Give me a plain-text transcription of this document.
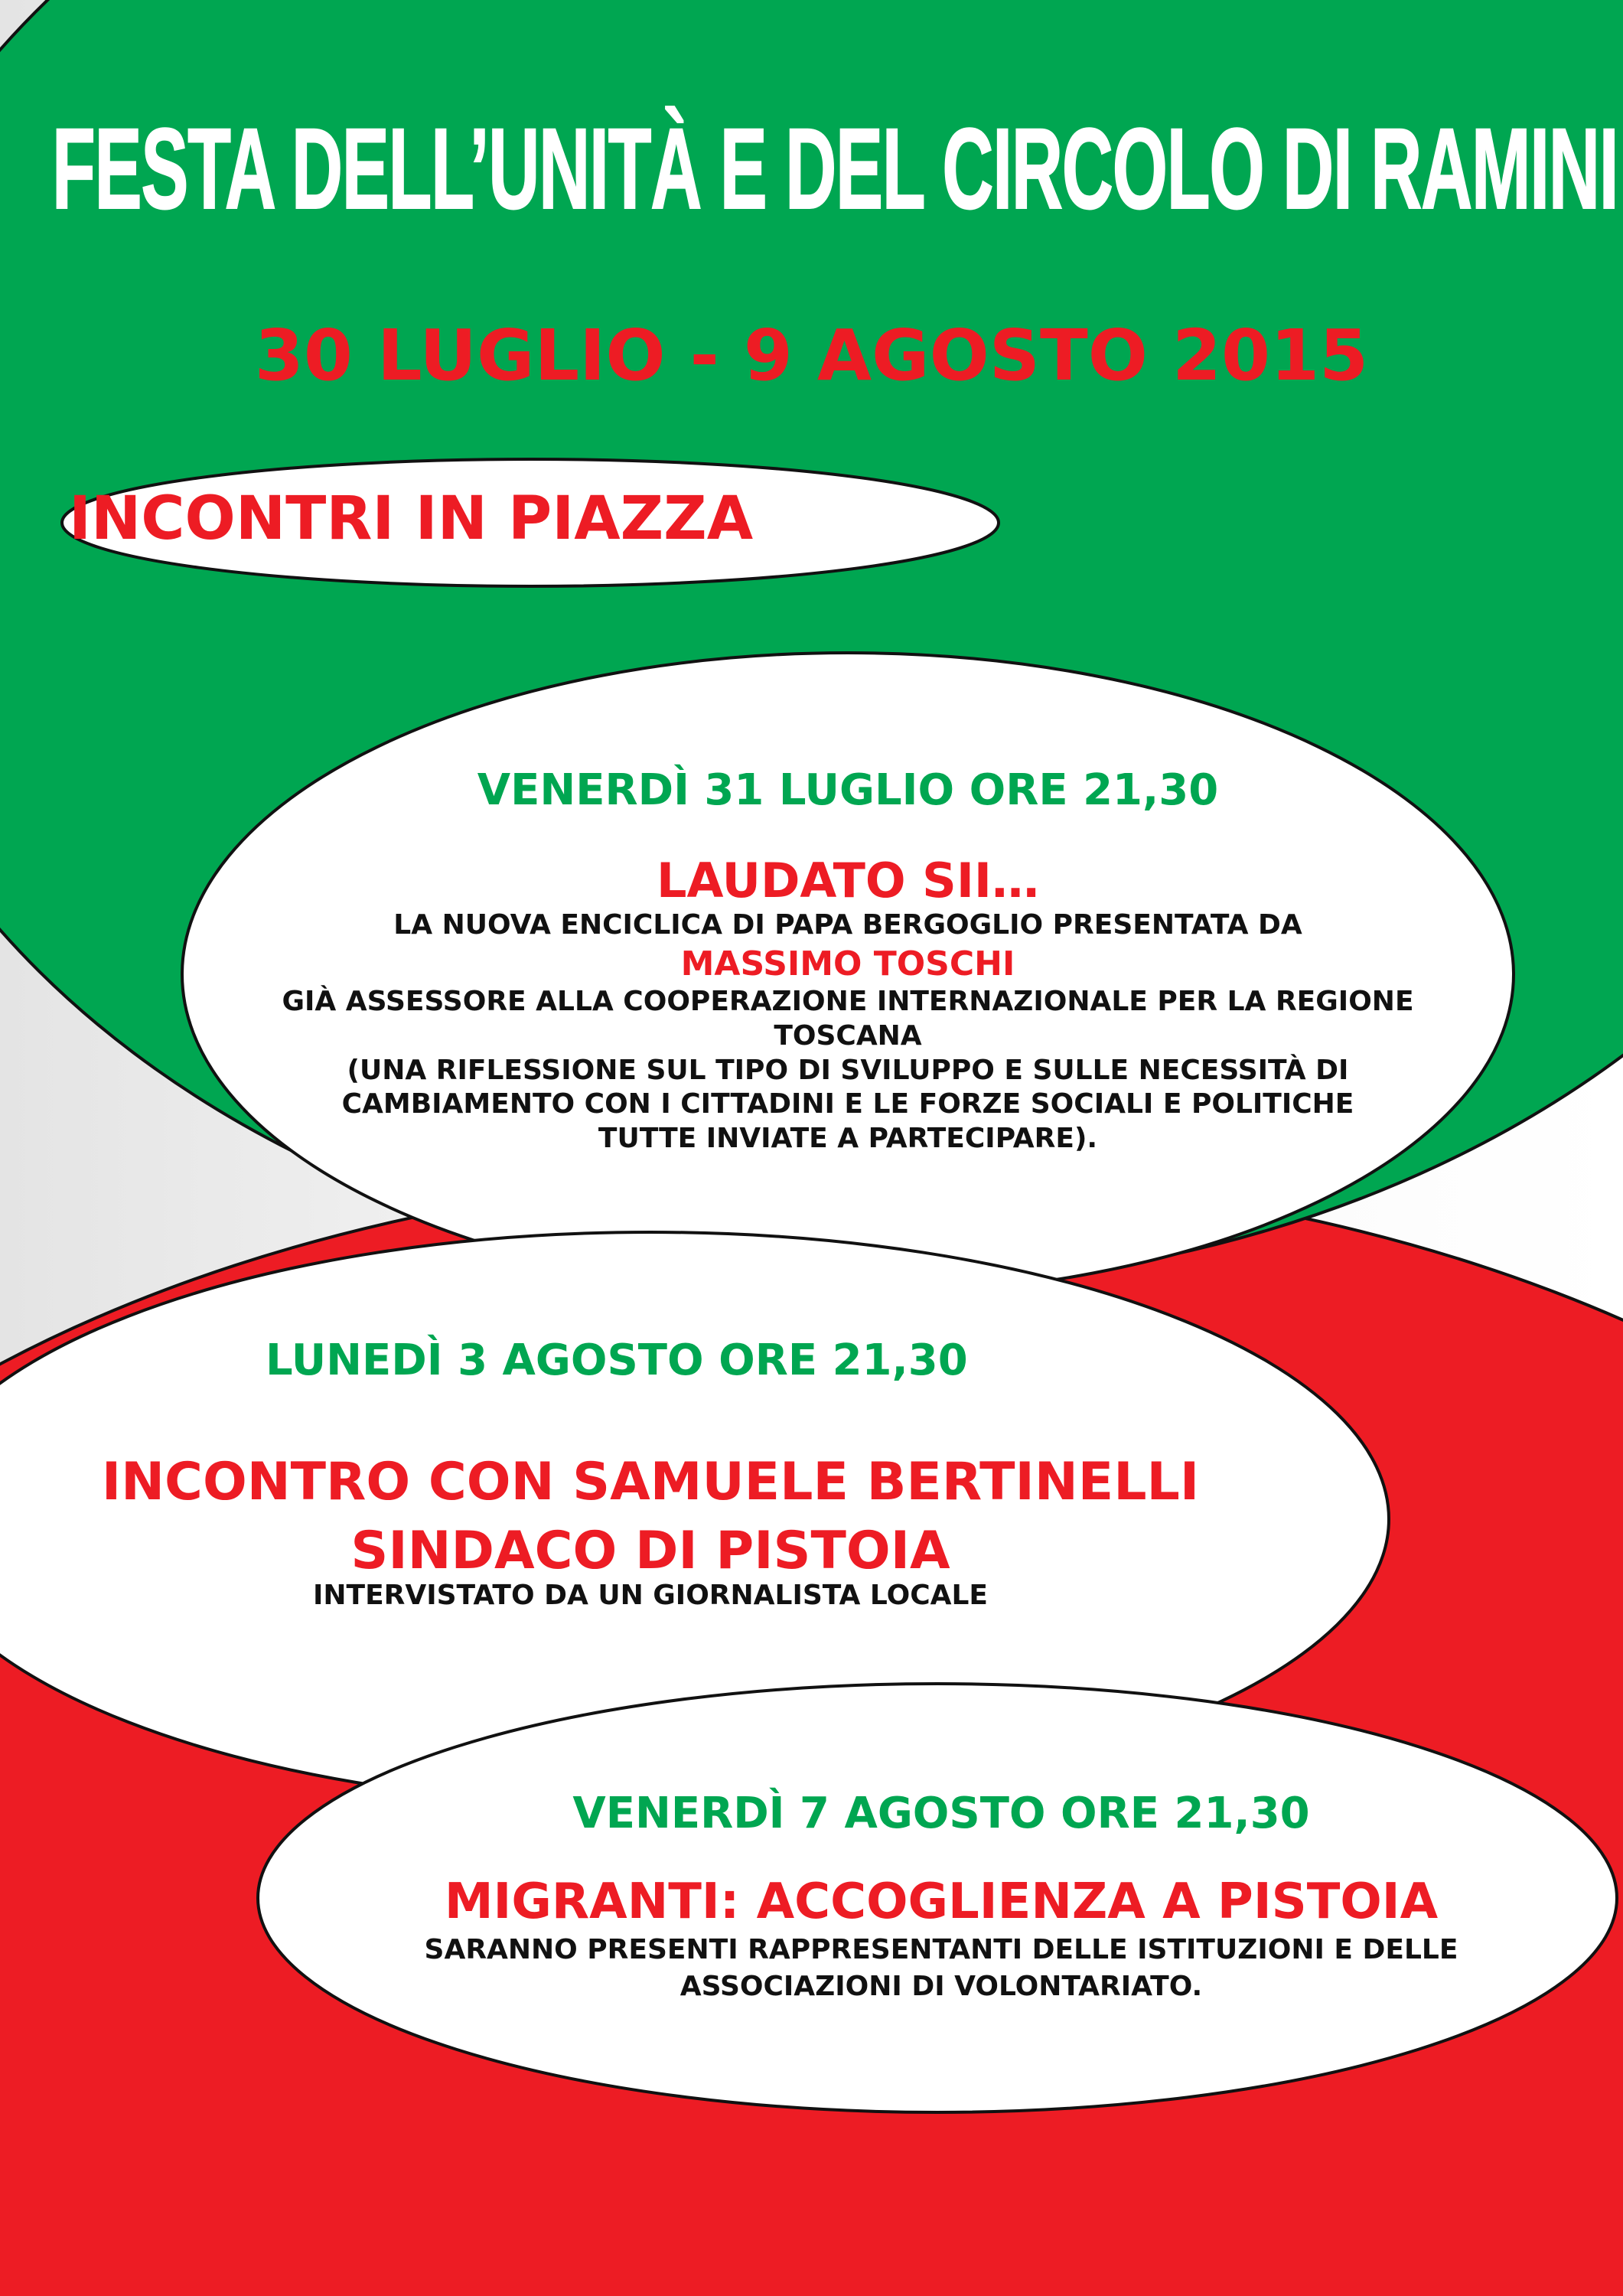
FESTA DELL’UNITÀ E DEL CIRCOLO DI RAMINI
30 LUGLIO - 9 AGOSTO 2015
INCONTRI IN PIAZZA
VENERDÌ 31 LUGLIO ORE 21,30
LAUDATO SII…
LA NUOVA ENCICLICA DI PAPA BERGOGLIO PRESENTATA DA
MASSIMO TOSCHI
GIÀ ASSESSORE ALLA COOPERAZIONE INTERNAZIONALE PER LA REGIONE
TOSCANA
(UNA RIFLESSIONE SUL TIPO DI SVILUPPO E SULLE NECESSITÀ DI
CAMBIAMENTO CON I CITTADINI E LE FORZE SOCIALI E POLITICHE
TUTTE INVIATE A PARTECIPARE).
LUNEDÌ 3 AGOSTO ORE 21,30
INCONTRO CON SAMUELE BERTINELLI
SINDACO DI PISTOIA
INTERVISTATO DA UN GIORNALISTA LOCALE
VENERDÌ 7 AGOSTO ORE 21,30
MIGRANTI: ACCOGLIENZA A PISTOIA
SARANNO PRESENTI RAPPRESENTANTI DELLE ISTITUZIONI E DELLE
ASSOCIAZIONI DI VOLONTARIATO.
